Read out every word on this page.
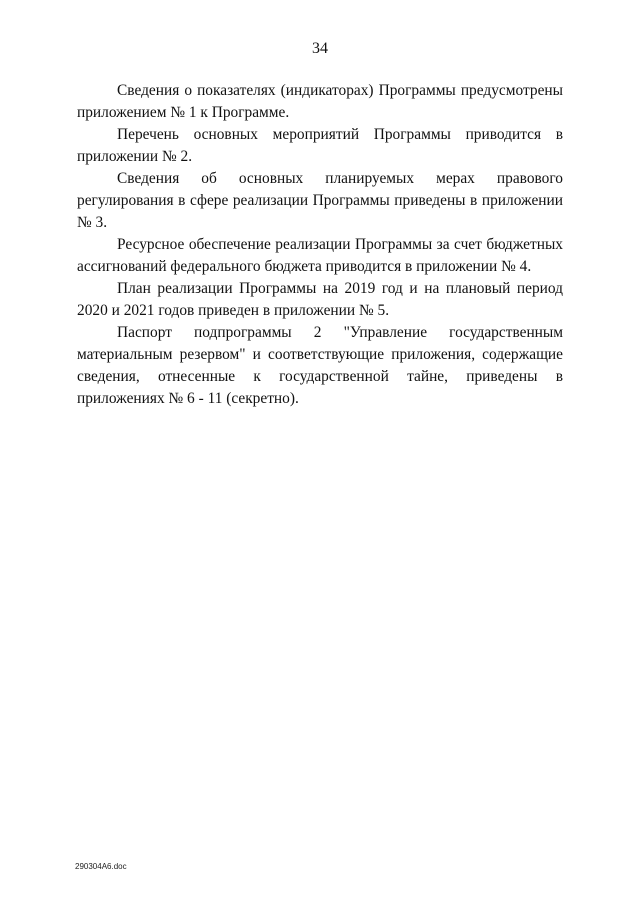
34

Сведения о показателях (индикаторах) Программы предусмотрены приложением № 1 к Программе.

Перечень основных мероприятий Программы приводится в приложении № 2.

Сведения об основных планируемых мерах правового регулирования в сфере реализации Программы приведены в приложении № 3.

Ресурсное обеспечение реализации Программы за счет бюджетных ассигнований федерального бюджета приводится в приложении № 4.

План реализации Программы на 2019 год и на плановый период 2020 и 2021 годов приведен в приложении № 5.

Паспорт подпрограммы 2 "Управление государственным материальным резервом" и соответствующие приложения, содержащие сведения, отнесенные к государственной тайне, приведены в приложениях № 6 - 11 (секретно).

290304A6.doc
